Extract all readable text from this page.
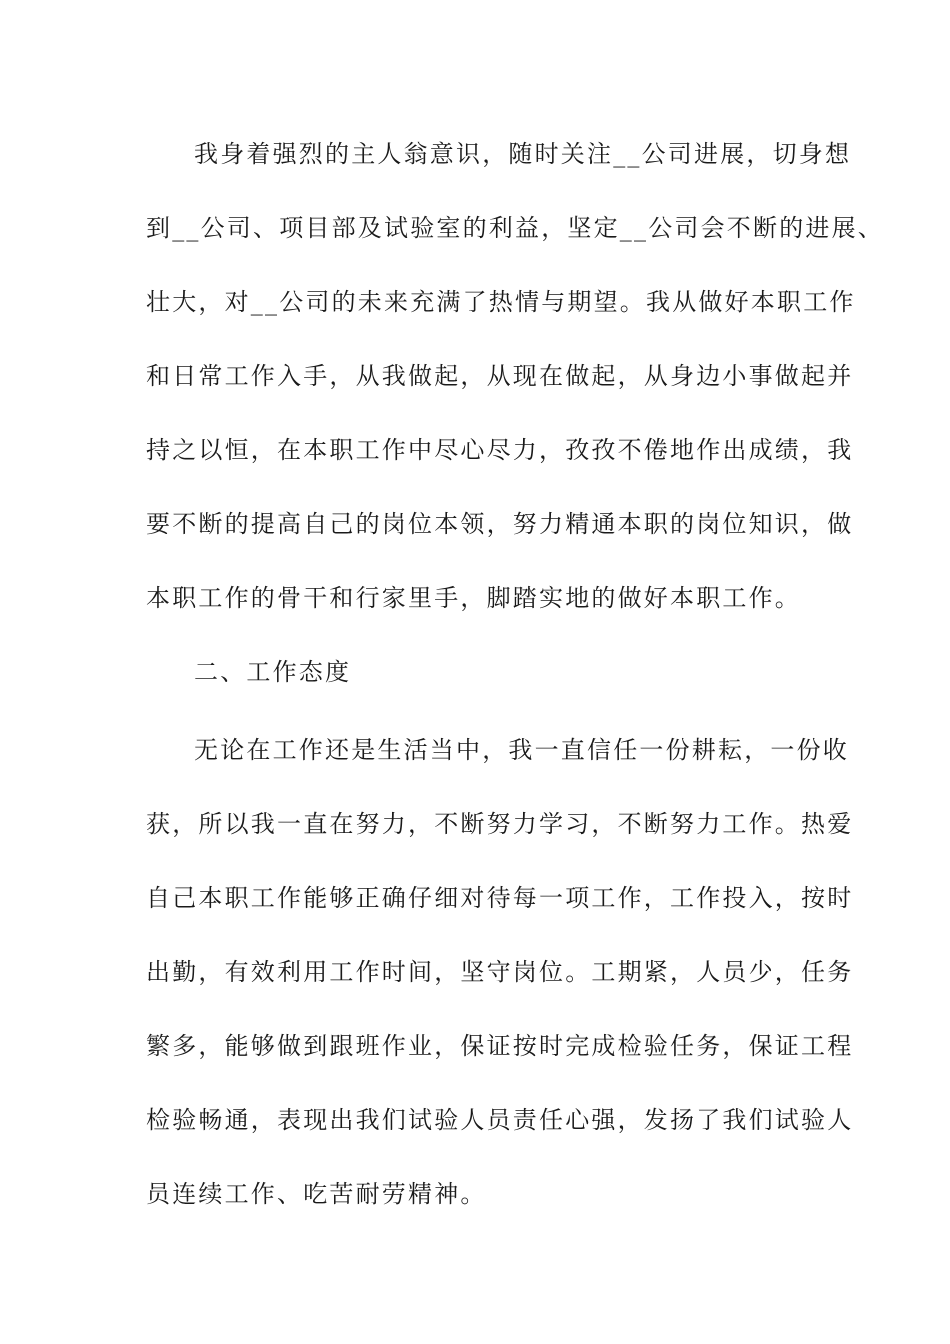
我身着强烈的主人翁意识，随时关注__公司进展，切身想
到__公司、项目部及试验室的利益，坚定__公司会不断的进展、
壮大，对__公司的未来充满了热情与期望。我从做好本职工作
和日常工作入手，从我做起，从现在做起，从身边小事做起并
持之以恒，在本职工作中尽心尽力，孜孜不倦地作出成绩，我
要不断的提高自己的岗位本领，努力精通本职的岗位知识，做
本职工作的骨干和行家里手，脚踏实地的做好本职工作。
二、工作态度
无论在工作还是生活当中，我一直信任一份耕耘，一份收
获，所以我一直在努力，不断努力学习，不断努力工作。热爱
自己本职工作能够正确仔细对待每一项工作，工作投入，按时
出勤，有效利用工作时间，坚守岗位。工期紧，人员少，任务
繁多，能够做到跟班作业，保证按时完成检验任务，保证工程
检验畅通，表现出我们试验人员责任心强，发扬了我们试验人
员连续工作、吃苦耐劳精神。
